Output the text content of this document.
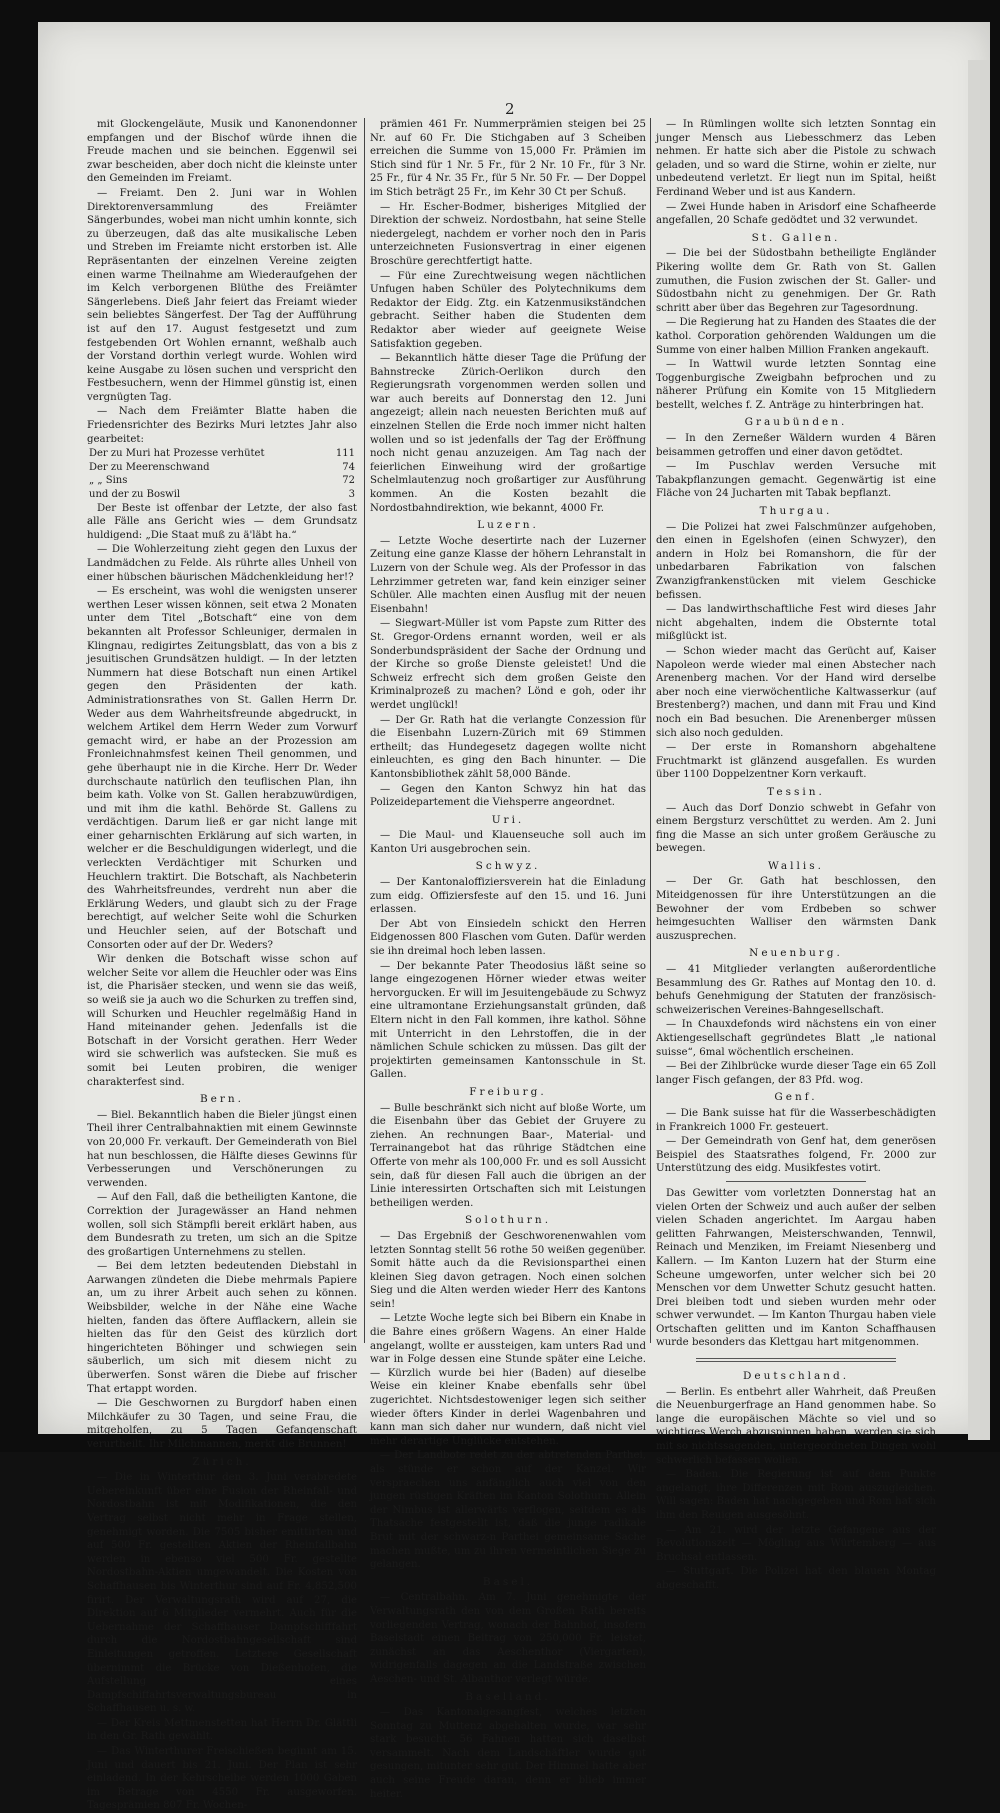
2

mit Glockengeläute, Musik und Kanonendonner empfangen und der Bischof würde ihnen die Freude machen und sie beinchen. Eggenwil sei zwar bescheiden, aber doch nicht die kleinste unter den Gemeinden im Freiamt.

— Freiamt. Den 2. Juni war in Wohlen Direktorenversammlung des Freiämter Sängerbundes, wobei man nicht umhin konnte, sich zu überzeugen, daß das alte musikalische Leben und Streben im Freiamte nicht erstorben ist. Alle Repräsentanten der einzelnen Vereine zeigten einen warme Theilnahme am Wiederaufgehen der im Kelch verborgenen Blüthe des Freiämter Sängerlebens. Dieß Jahr feiert das Freiamt wieder sein beliebtes Sängerfest. Der Tag der Aufführung ist auf den 17. August festgesetzt und zum festgebenden Ort Wohlen ernannt, weßhalb auch der Vorstand dorthin verlegt wurde. Wohlen wird keine Ausgabe zu lösen suchen und verspricht den Festbesuchern, wenn der Himmel günstig ist, einen vergnügten Tag.

— Nach dem Freiämter Blatte haben die Friedensrichter des Bezirks Muri letztes Jahr also gearbeitet:

Der zu Muri hat Prozesse verhütet	111
Der zu Meerenschwand	74
„ „ Sins	72
und der zu Boswil	3

Der Beste ist offenbar der Letzte, der also fast alle Fälle ans Gericht wies — dem Grundsatz huldigend: „Die Staat muß zu ä'läbt ha.“

— Die Wohlerzeitung zieht gegen den Luxus der Landmädchen zu Felde. Als rührte alles Unheil von einer hübschen bäurischen Mädchenkleidung her!?

— Es erscheint, was wohl die wenigsten unserer werthen Leser wissen können, seit etwa 2 Monaten unter dem Titel „Botschaft“ eine von dem bekannten alt Professor Schleuniger, dermalen in Klingnau, redigirtes Zeitungsblatt, das von a bis z jesuitischen Grundsätzen huldigt. — In der letzten Nummern hat diese Botschaft nun einen Artikel gegen den Präsidenten der kath. Administrationsrathes von St. Gallen Herrn Dr. Weder aus dem Wahrheitsfreunde abgedruckt, in welchem Artikel dem Herrn Weder zum Vorwurf gemacht wird, er habe an der Prozession am Fronleichnahmsfest keinen Theil genommen, und gehe überhaupt nie in die Kirche. Herr Dr. Weder durchschaute natürlich den teuflischen Plan, ihn beim kath. Volke von St. Gallen herabzuwürdigen, und mit ihm die kathl. Behörde St. Gallens zu verdächtigen. Darum ließ er gar nicht lange mit einer geharnischten Erklärung auf sich warten, in welcher er die Beschuldigungen widerlegt, und die verleckten Verdächtiger mit Schurken und Heuchlern traktirt. Die Botschaft, als Nachbeterin des Wahrheitsfreundes, verdreht nun aber die Erklärung Weders, und glaubt sich zu der Frage berechtigt, auf welcher Seite wohl die Schurken und Heuchler seien, auf der Botschaft und Consorten oder auf der Dr. Weders?

Wir denken die Botschaft wisse schon auf welcher Seite vor allem die Heuchler oder was Eins ist, die Pharisäer stecken, und wenn sie das weiß, so weiß sie ja auch wo die Schurken zu treffen sind, will Schurken und Heuchler regelmäßig Hand in Hand miteinander gehen. Jedenfalls ist die Botschaft in der Vorsicht gerathen. Herr Weder wird sie schwerlich was aufstecken. Sie muß es somit bei Leuten probiren, die weniger charakterfest sind.

Bern.

— Biel. Bekanntlich haben die Bieler jüngst einen Theil ihrer Centralbahnaktien mit einem Gewinnste von 20,000 Fr. verkauft. Der Gemeinderath von Biel hat nun beschlossen, die Hälfte dieses Gewinns für Verbesserungen und Verschönerungen zu verwenden.

— Auf den Fall, daß die betheiligten Kantone, die Correktion der Juragewässer an Hand nehmen wollen, soll sich Stämpfli bereit erklärt haben, aus dem Bundesrath zu treten, um sich an die Spitze des großartigen Unternehmens zu stellen.

— Bei dem letzten bedeutenden Diebstahl in Aarwangen zündeten die Diebe mehrmals Papiere an, um zu ihrer Arbeit auch sehen zu können. Weibsbilder, welche in der Nähe eine Wache hielten, fanden das öftere Aufflackern, allein sie hielten das für den Geist des kürzlich dort hingerichteten Böhinger und schwiegen sein säuberlich, um sich mit diesem nicht zu überwerfen. Sonst wären die Diebe auf frischer That ertappt worden.

— Die Geschwornen zu Burgdorf haben einen Milchkäufer zu 30 Tagen, und seine Frau, die mitgeholfen, zu 5 Tagen Gefangenschaft verurtheilt. Ihr Milchmannen, merkt die Brunnen!

Zürich.

— Die in Winterthur den 3. Juni verabredete Uebereinkunft über eine Fusion der Rheinfall- und Nordostbahn ist mit Modifikationen, die den Vertrag selbst nicht mehr in Frage stellen, genehmigt worden. Die 7505 bisher emittirten und auf 500 Fr. gestellten Aktien der Rheinfallbahn werden in ebenso viel 500 Fr. gestellte Nordostbahn-Aktien umgewandelt. Die Kosten von Schaffhausen bis Winterthur sind auf Fr. 4,852,500 firirt. Der Verwaltungsrath wird auf 27, die Direktion auf 6 Mitglieder vermehrt. Auch für die Uebernahme der Schaffhauser Dampfschifffahrt durch die Nordostbahngesellschaft sind Einleitungen getroffen. Letztere Gesellschaft übernimmt die Brücke von Dießenhofen, die Aufstellung eines Dampfschiffahrtsverwaltungsbureau in Schaffhausen u. s. w.

— Der Kreis Mettmenstetten hat Herrn Dr. Glättli in den Gr. Rath gewählt.

— Das Winterthurer Freischießen beginnt am 15. Juni und dauert bis 21. Juni. Der Plan ist sehr einladend. In der Kehrscheibe werden 1000 Gaben im Betrage von 4550 Fr. ausgeworfen. Tagesprämien 807 Fr. Wochen-

prämien 461 Fr. Nummerprämien steigen bei 25 Nr. auf 60 Fr. Die Stichgaben auf 3 Scheiben erreichen die Summe von 15,000 Fr. Prämien im Stich sind für 1 Nr. 5 Fr., für 2 Nr. 10 Fr., für 3 Nr. 25 Fr., für 4 Nr. 35 Fr., für 5 Nr. 50 Fr. — Der Doppel im Stich beträgt 25 Fr., im Kehr 30 Ct per Schuß.

— Hr. Escher-Bodmer, bisheriges Mitglied der Direktion der schweiz. Nordostbahn, hat seine Stelle niedergelegt, nachdem er vorher noch den in Paris unterzeichneten Fusionsvertrag in einer eigenen Broschüre gerechtfertigt hatte.

— Für eine Zurechtweisung wegen nächtlichen Unfugen haben Schüler des Polytechnikums dem Redaktor der Eidg. Ztg. ein Katzenmusikständchen gebracht. Seither haben die Studenten dem Redaktor aber wieder auf geeignete Weise Satisfaktion gegeben.

— Bekanntlich hätte dieser Tage die Prüfung der Bahnstrecke Zürich-Oerlikon durch den Regierungsrath vorgenommen werden sollen und war auch bereits auf Donnerstag den 12. Juni angezeigt; allein nach neuesten Berichten muß auf einzelnen Stellen die Erde noch immer nicht halten wollen und so ist jedenfalls der Tag der Eröffnung noch nicht genau anzuzeigen. Am Tag nach der feierlichen Einweihung wird der großartige Schelmlautenzug noch großartiger zur Ausführung kommen. An die Kosten bezahlt die Nordostbahndirektion, wie bekannt, 4000 Fr.

Luzern.

— Letzte Woche desertirte nach der Luzerner Zeitung eine ganze Klasse der höhern Lehranstalt in Luzern von der Schule weg. Als der Professor in das Lehrzimmer getreten war, fand kein einziger seiner Schüler. Alle machten einen Ausflug mit der neuen Eisenbahn!

— Siegwart-Müller ist vom Papste zum Ritter des St. Gregor-Ordens ernannt worden, weil er als Sonderbundspräsident der Sache der Ordnung und der Kirche so große Dienste geleistet! Und die Schweiz erfrecht sich dem großen Geiste den Kriminalprozeß zu machen? Lönd e goh, oder ihr werdet unglückl!

— Der Gr. Rath hat die verlangte Conzession für die Eisenbahn Luzern-Zürich mit 69 Stimmen ertheilt; das Hundegesetz dagegen wollte nicht einleuchten, es ging den Bach hinunter. — Die Kantonsbibliothek zählt 58,000 Bände.

— Gegen den Kanton Schwyz hin hat das Polizeidepartement die Viehsperre angeordnet.

Uri.

— Die Maul- und Klauenseuche soll auch im Kanton Uri ausgebrochen sein.

Schwyz.

— Der Kantonaloffiziersverein hat die Einladung zum eidg. Offiziersfeste auf den 15. und 16. Juni erlassen.

Der Abt von Einsiedeln schickt den Herren Eidgenossen 800 Flaschen vom Guten. Dafür werden sie ihn dreimal hoch leben lassen.

— Der bekannte Pater Theodosius läßt seine so lange eingezogenen Hörner wieder etwas weiter hervorgucken. Er will im Jesuitengebäude zu Schwyz eine ultramontane Erziehungsanstalt gründen, daß Eltern nicht in den Fall kommen, ihre kathol. Söhne mit Unterricht in den Lehrstoffen, die in der nämlichen Schule schicken zu müssen. Das gilt der projektirten gemeinsamen Kantonsschule in St. Gallen.

Freiburg.

— Bulle beschränkt sich nicht auf bloße Worte, um die Eisenbahn über das Gebiet der Gruyere zu ziehen. An rechnungen Baar-, Material- und Terrainangebot hat das rührige Städtchen eine Offerte von mehr als 100,000 Fr. und es soll Aussicht sein, daß für diesen Fall auch die übrigen an der Linie interessirten Ortschaften sich mit Leistungen betheiligen werden.

Solothurn.

— Das Ergebniß der Geschworenenwahlen vom letzten Sonntag stellt 56 rothe 50 weißen gegenüber. Somit hätte auch da die Revisionsparthei einen kleinen Sieg davon getragen. Noch einen solchen Sieg und die Alten werden wieder Herr des Kantons sein!

— Letzte Woche legte sich bei Bibern ein Knabe in die Bahre eines größern Wagens. An einer Halde angelangt, wollte er aussteigen, kam unters Rad und war in Folge dessen eine Stunde später eine Leiche. — Kürzlich wurde bei hier (Baden) auf dieselbe Weise ein kleiner Knabe ebenfalls sehr übel zugerichtet. Nichtsdestoweniger legen sich seither wieder öfters Kinder in derlei Wagenbahren und kann man sich daher nur wundern, daß nicht viel mehr derartige Unglücke entstehen.

— Der Landbote redet zu der abtretenden Parthei, als stünde er schon auf der Kanzel. Wir verspraechen uns anfänglich auch viel von den jungen rüstigen Kräften im Kanton Solothurn. Allein der Nimbus ist allerwärts verflogen, seitdem es als Thatsache festgestellt ist, daß die junge radikale Brut mit der schwarz-n Parthei gemeinsame Sache machen mußte, um zu ihren vermeintlichen Siege zu gelangen.

Basel.

— Centralbahn. Am 7. Juni genehmigte der Verwaltungsrath den von dem Großen Rath bereits vorliegenden Vertrag, wonach der Bahnhof, insofern Baselstadt einen Beitrag von 250,000 Fr. leistet, zunächst an das Aeschenthor (Viergarten), widrigenfalls dagegen an die Landstraße zwischen Aeschen- und St. Albanthor verlegt würde.

Baselland.

— Das Kantonalgesangfest, welches letzten Sonntag zu Muttenz abgehalten wurde, war sehr stark besucht. 56 Fahnen hatten sich daselbst versammelt. Nach dem Landschäftler wurde gut gesungen, mitunter sehr gut. Der Himmel hatte aber auch seine Freude daran, denn er blieb immer heiter.

— In Rümlingen wollte sich letzten Sonntag ein junger Mensch aus Liebesschmerz das Leben nehmen. Er hatte sich aber die Pistole zu schwach geladen, und so ward die Stirne, wohin er zielte, nur unbedeutend verletzt. Er liegt nun im Spital, heißt Ferdinand Weber und ist aus Kandern.

— Zwei Hunde haben in Arisdorf eine Schafheerde angefallen, 20 Schafe gedödtet und 32 verwundet.

St. Gallen.

— Die bei der Südostbahn betheiligte Engländer Pikering wollte dem Gr. Rath von St. Gallen zumuthen, die Fusion zwischen der St. Galler- und Südostbahn nicht zu genehmigen. Der Gr. Rath schritt aber über das Begehren zur Tagesordnung.

— Die Regierung hat zu Handen des Staates die der kathol. Corporation gehörenden Waldungen um die Summe von einer halben Million Franken angekauft.

— In Wattwil wurde letzten Sonntag eine Toggenburgische Zweigbahn befprochen und zu näherer Prüfung ein Komite von 15 Mitgliedern bestellt, welches f. Z. Anträge zu hinterbringen hat.

Graubünden.

— In den Zerneßer Wäldern wurden 4 Bären beisammen getroffen und einer davon getödtet.

— Im Puschlav werden Versuche mit Tabakpflanzungen gemacht. Gegenwärtig ist eine Fläche von 24 Jucharten mit Tabak bepflanzt.

Thurgau.

— Die Polizei hat zwei Falschmünzer aufgehoben, den einen in Egelshofen (einen Schwyzer), den andern in Holz bei Romanshorn, die für der unbedarbaren Fabrikation von falschen Zwanzigfrankenstücken mit vielem Geschicke befissen.

— Das landwirthschaftliche Fest wird dieses Jahr nicht abgehalten, indem die Obsternte total mißglückt ist.

— Schon wieder macht das Gerücht auf, Kaiser Napoleon werde wieder mal einen Abstecher nach Arenenberg machen. Vor der Hand wird derselbe aber noch eine vierwöchentliche Kaltwasserkur (auf Brestenberg?) machen, und dann mit Frau und Kind noch ein Bad besuchen. Die Arenenberger müssen sich also noch gedulden.

— Der erste in Romanshorn abgehaltene Fruchtmarkt ist glänzend ausgefallen. Es wurden über 1100 Doppelzentner Korn verkauft.

Tessin.

— Auch das Dorf Donzio schwebt in Gefahr von einem Bergsturz verschüttet zu werden. Am 2. Juni fing die Masse an sich unter großem Geräusche zu bewegen.

Wallis.

— Der Gr. Gath hat beschlossen, den Miteidgenossen für ihre Unterstützungen an die Bewohner der vom Erdbeben so schwer heimgesuchten Walliser den wärmsten Dank auszusprechen.

Neuenburg.

— 41 Mitglieder verlangten außerordentliche Besammlung des Gr. Rathes auf Montag den 10. d. behufs Genehmigung der Statuten der französisch-schweizerischen Vereines-Bahngesellschaft.

— In Chauxdefonds wird nächstens ein von einer Aktiengesellschaft gegründetes Blatt „le national suisse“, 6mal wöchentlich erscheinen.

— Bei der Zihlbrücke wurde dieser Tage ein 65 Zoll langer Fisch gefangen, der 83 Pfd. wog.

Genf.

— Die Bank suisse hat für die Wasserbeschädigten in Frankreich 1000 Fr. gesteuert.

— Der Gemeindrath von Genf hat, dem generösen Beispiel des Staatsrathes folgend, Fr. 2000 zur Unterstützung des eidg. Musikfestes votirt.

Das Gewitter vom vorletzten Donnerstag hat an vielen Orten der Schweiz und auch außer der selben vielen Schaden angerichtet. Im Aargau haben gelitten Fahrwangen, Meisterschwanden, Tennwil, Reinach und Menziken, im Freiamt Niesenberg und Kallern. — Im Kanton Luzern hat der Sturm eine Scheune umgeworfen, unter welcher sich bei 20 Menschen vor dem Unwetter Schutz gesucht hatten. Drei bleiben todt und sieben wurden mehr oder schwer verwundet. — Im Kanton Thurgau haben viele Ortschaften gelitten und im Kanton Schaffhausen wurde besonders das Klettgau hart mitgenommen.

Deutschland.

— Berlin. Es entbehrt aller Wahrheit, daß Preußen die Neuenburgerfrage an Hand genommen habe. So lange die europäischen Mächte so viel und so wichtiges Werch abzuspinnen haben, werden sie sich mit so nichtssagenden, untergeordneten Dingen wohl schwerlich befassen wollen.

— Baden. Die Regierung ist auf dem Punkte angelangt, ihre Differenzen mit Rom auszugleichen. Will sagen: Baden hat nachgegeben und Rom hat sich ihm den Reuigen ausgesöhnt.

— Am 21. wird der letzte Gefangene aus der Revolutionszeit — Mögling aus Würtemberg — aus Bruchsal entlassen.

— Stuttgart. Die Polizei hat den blauen Montag abgeschafft.
